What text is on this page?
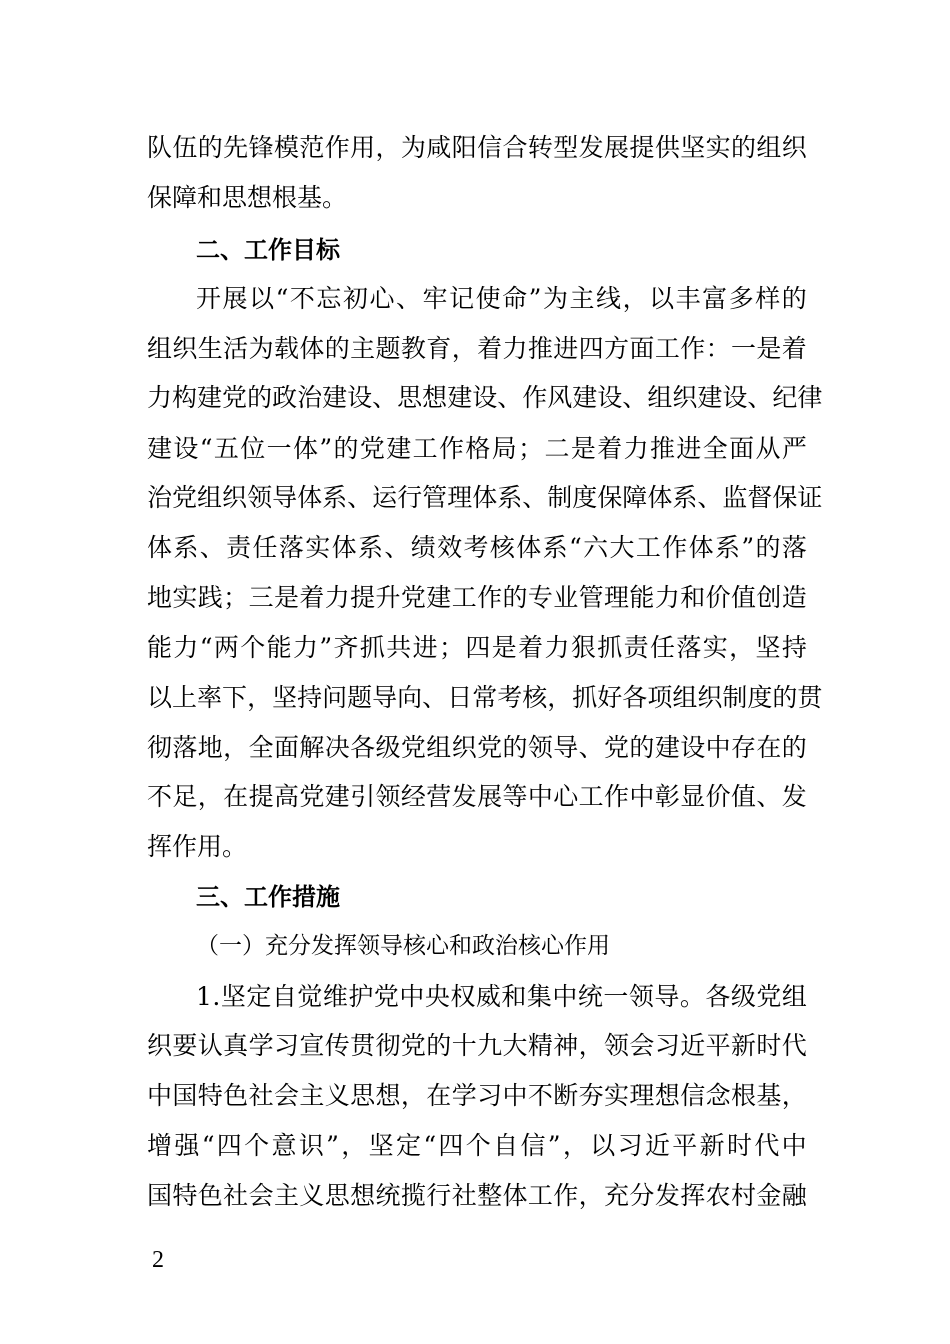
队 伍 的 先 锋 模 范 作 用 ， 为 咸 阳 信 合 转 型 发 展 提 供 坚 实 的 组 织
保障和思想根基。
二、工作目标
开 展 以 “ 不 忘 初 心 、 牢 记 使 命 ” 为 主 线 ， 以 丰 富 多 样 的
组 织 生 活 为 载 体 的 主 题 教 育 ， 着 力 推 进 四 方 面 工 作 ： 一 是 着
力 构 建 党 的 政 治 建 设 、 思 想 建 设 、 作 风 建 设 、 组 织 建 设 、 纪 律
建 设 “ 五 位 一 体 ” 的 党 建 工 作 格 局 ； 二 是 着 力 推 进 全 面 从 严
治 党 组 织 领 导 体 系 、 运 行 管 理 体 系 、 制 度 保 障 体 系 、 监 督 保 证
体 系 、 责 任 落 实 体 系 、 绩 效 考 核 体 系 “ 六 大 工 作 体 系 ” 的 落
地 实 践 ； 三 是 着 力 提 升 党 建 工 作 的 专 业 管 理 能 力 和 价 值 创 造
能 力 “ 两 个 能 力 ” 齐 抓 共 进 ； 四 是 着 力 狠 抓 责 任 落 实 ， 坚 持
以 上 率 下 ， 坚 持 问 题 导 向 、 日 常 考 核 ， 抓 好 各 项 组 织 制 度 的 贯
彻 落 地 ， 全 面 解 决 各 级 党 组 织 党 的 领 导 、 党 的 建 设 中 存 在 的
不 足 ， 在 提 高 党 建 引 领 经 营 发 展 等 中 心 工 作 中 彰 显 价 值 、 发
挥作用。
三、工作措施
（一）充分发挥领导核心和政治核心作用
1 . 坚 定 自 觉 维 护 党 中 央 权 威 和 集 中 统 一 领 导 。 各 级 党 组
织 要 认 真 学 习 宣 传 贯 彻 党 的 十 九 大 精 神 ， 领 会 习 近 平 新 时 代
中 国 特 色 社 会 主 义 思 想 ， 在 学 习 中 不 断 夯 实 理 想 信 念 根 基 ，
增 强 “ 四 个 意 识 ” ， 坚 定 “ 四 个 自 信 ” ， 以 习 近 平 新 时 代 中
国 特 色 社 会 主 义 思 想 统 揽 行 社 整 体 工 作 ， 充 分 发 挥 农 村 金 融
2
